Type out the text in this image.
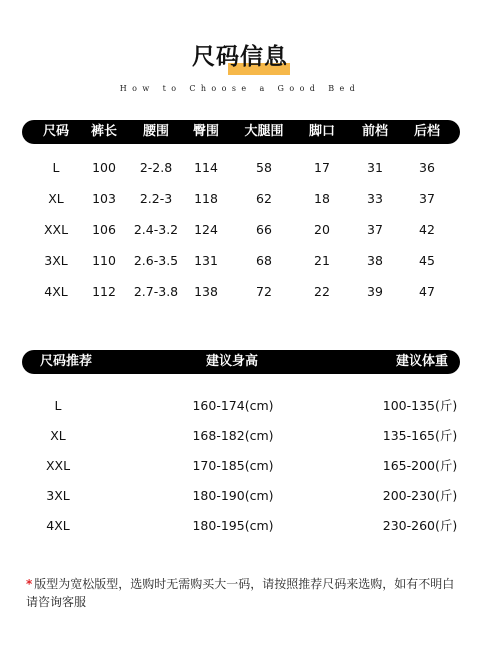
尺码信息
How to Choose a Good Bed
尺码 裤长 腰围 臀围 大腿围 脚口 前档 后档
L	100 2-2.8 114	58	17	31	36
XL 103 2.2-3 118	62	18	33	37
XXL 106 2.4-3.2 124	66	20	37	42
3XL 110 2.6-3.5 131	68	21	38	45
4XL 112 2.7-3.8 138	72	22	39	47
尺码推荐	建议身高	建议体重
L	160-174(cm)	100-135(斤)
XL	168-182(cm)	135-165(斤)
XXL	170-185(cm)	165-200(斤)
3XL	180-190(cm)	200-230(斤)
4XL	180-195(cm)	230-260(斤)
* 版型为宽松版型，选购时无需购买大一码，请按照推荐尺码来选购，如有不明白请咨询客服
